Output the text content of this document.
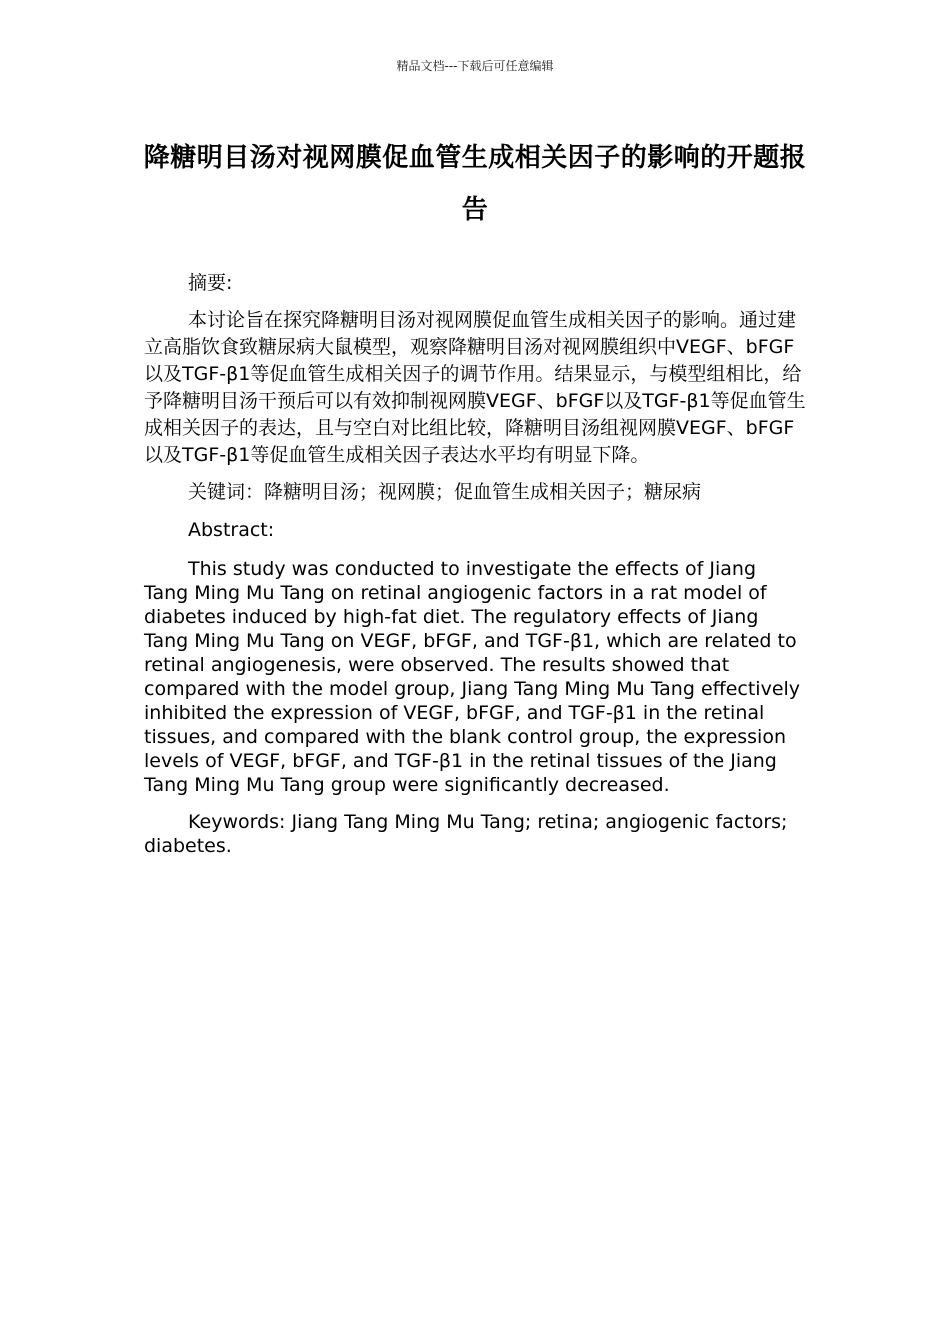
精品文档---下载后可任意编辑
降糖明目汤对视网膜促血管生成相关因子的影响的开题报告

摘要:

本讨论旨在探究降糖明目汤对视网膜促血管生成相关因子的影响。通过建立高脂饮食致糖尿病大鼠模型，观察降糖明目汤对视网膜组织中VEGF、bFGF以及TGF-β1等促血管生成相关因子的调节作用。结果显示，与模型组相比，给予降糖明目汤干预后可以有效抑制视网膜VEGF、bFGF以及TGF-β1等促血管生成相关因子的表达，且与空白对比组比较，降糖明目汤组视网膜VEGF、bFGF以及TGF-β1等促血管生成相关因子表达水平均有明显下降。

关键词：降糖明目汤；视网膜；促血管生成相关因子；糖尿病

Abstract:

This study was conducted to investigate the effects of Jiang Tang Ming Mu Tang on retinal angiogenic factors in a rat model of diabetes induced by high-fat diet. The regulatory effects of Jiang Tang Ming Mu Tang on VEGF, bFGF, and TGF-β1, which are related to retinal angiogenesis, were observed. The results showed that compared with the model group, Jiang Tang Ming Mu Tang effectively inhibited the expression of VEGF, bFGF, and TGF-β1 in the retinal tissues, and compared with the blank control group, the expression levels of VEGF, bFGF, and TGF-β1 in the retinal tissues of the Jiang Tang Ming Mu Tang group were significantly decreased.

Keywords: Jiang Tang Ming Mu Tang; retina; angiogenic factors; diabetes.
